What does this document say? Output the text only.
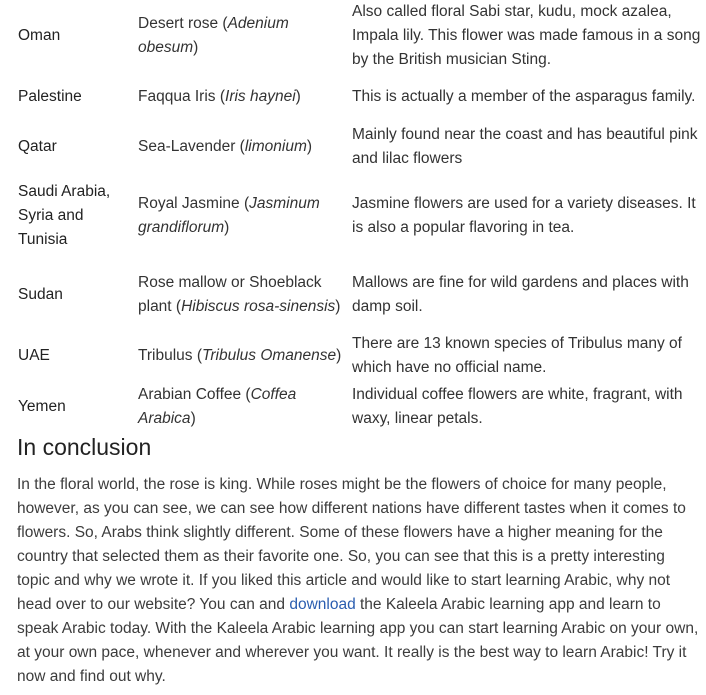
Oman	Desert rose (Adenium obesum)	Also called floral Sabi star, kudu, mock azalea, Impala lily. This flower was made famous in a song by the British musician Sting.
Palestine	Faqqua Iris (Iris haynei)	This is actually a member of the asparagus family.
Qatar	Sea-Lavender (limonium)	Mainly found near the coast and has beautiful pink and lilac flowers
Saudi Arabia, Syria and Tunisia	Royal Jasmine (Jasminum grandiflorum)	Jasmine flowers are used for a variety diseases. It is also a popular flavoring in tea.
Sudan	Rose mallow or Shoeblack plant (Hibiscus rosa-sinensis)	Mallows are fine for wild gardens and places with damp soil.
UAE	Tribulus (Tribulus Omanense)	There are 13 known species of Tribulus many of which have no official name.
Yemen	Arabian Coffee (Coffea Arabica)	Individual coffee flowers are white, fragrant, with waxy, linear petals.
In conclusion

In the floral world, the rose is king. While roses might be the flowers of choice for many people, however, as you can see, we can see how different nations have different tastes when it comes to flowers. So, Arabs think slightly different. Some of these flowers have a higher meaning for the country that selected them as their favorite one. So, you can see that this is a pretty interesting topic and why we wrote it. If you liked this article and would like to start learning Arabic, why not head over to our website? You can and download the Kaleela Arabic learning app and learn to speak Arabic today. With the Kaleela Arabic learning app you can start learning Arabic on your own, at your own pace, whenever and wherever you want. It really is the best way to learn Arabic! Try it now and find out why.
